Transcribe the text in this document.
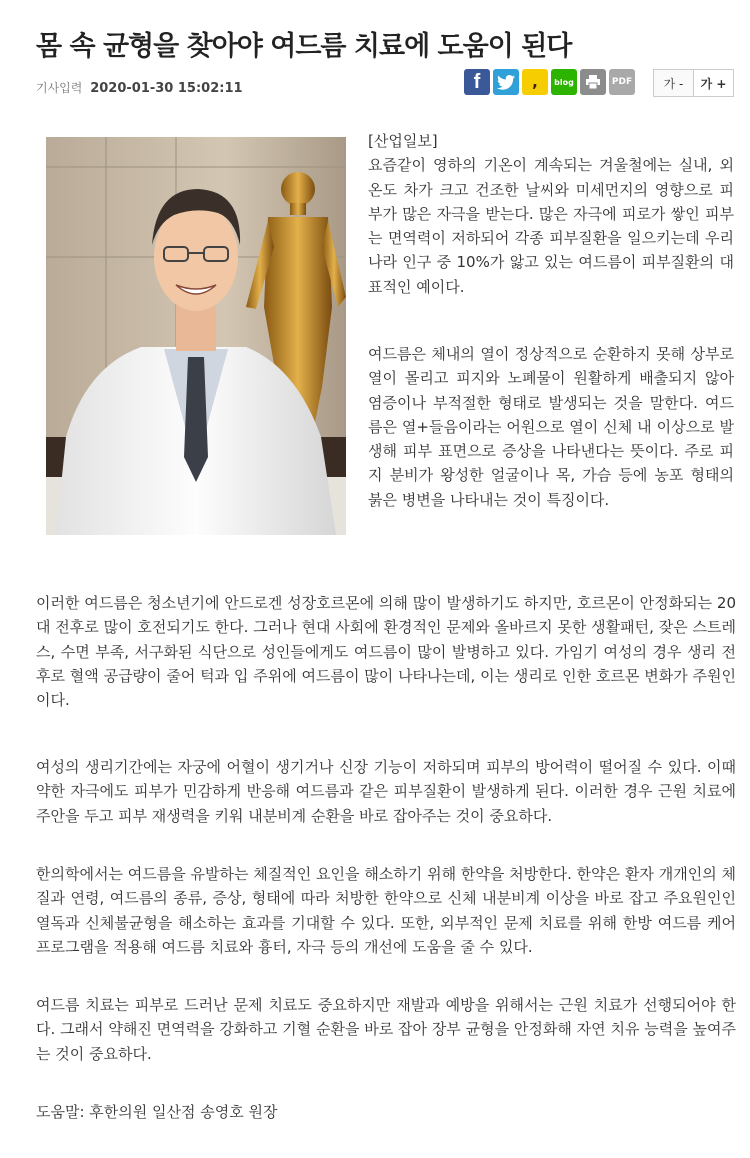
몸 속 균형을 찾아야 여드름 치료에 도움이 된다
기사입력 2020-01-30 15:02:11	f	, blog	PDF	가 -	가 +

[산업일보]
요즘같이 영하의 기온이 계속되는 겨울철에는 실내, 외 온도 차가 크고 건조한 날씨와 미세먼지의 영향으로 피부가 많은 자극을 받는다. 많은 자극에 피로가 쌓인 피부는 면역력이 저하되어 각종 피부질환을 일으키는데 우리나라 인구 중 10%가 앓고 있는 여드름이 피부질환의 대표적인 예이다.

여드름은 체내의 열이 정상적으로 순환하지 못해 상부로 열이 몰리고 피지와 노폐물이 원활하게 배출되지 않아 염증이나 부적절한 형태로 발생되는 것을 말한다. 여드름은 열+들음이라는 어원으로 열이 신체 내 이상으로 발생해 피부 표면으로 증상을 나타낸다는 뜻이다. 주로 피지 분비가 왕성한 얼굴이나 목, 가슴 등에 농포 형태의 붉은 병변을 나타내는 것이 특징이다.

이러한 여드름은 청소년기에 안드로겐 성장호르몬에 의해 많이 발생하기도 하지만, 호르몬이 안정화되는 20대 전후로 많이 호전되기도 한다. 그러나 현대 사회에 환경적인 문제와 올바르지 못한 생활패턴, 잦은 스트레스, 수면 부족, 서구화된 식단으로 성인들에게도 여드름이 많이 발병하고 있다. 가임기 여성의 경우 생리 전후로 혈액 공급량이 줄어 턱과 입 주위에 여드름이 많이 나타나는데, 이는 생리로 인한 호르몬 변화가 주원인이다.

여성의 생리기간에는 자궁에 어혈이 생기거나 신장 기능이 저하되며 피부의 방어력이 떨어질 수 있다. 이때 약한 자극에도 피부가 민감하게 반응해 여드름과 같은 피부질환이 발생하게 된다. 이러한 경우 근원 치료에 주안을 두고 피부 재생력을 키워 내분비계 순환을 바로 잡아주는 것이 중요하다.

한의학에서는 여드름을 유발하는 체질적인 요인을 해소하기 위해 한약을 처방한다. 한약은 환자 개개인의 체질과 연령, 여드름의 종류, 증상, 형태에 따라 처방한 한약으로 신체 내분비계 이상을 바로 잡고 주요원인인 열독과 신체불균형을 해소하는 효과를 기대할 수 있다. 또한, 외부적인 문제 치료를 위해 한방 여드름 케어 프로그램을 적용해 여드름 치료와 흉터, 자극 등의 개선에 도움을 줄 수 있다.

여드름 치료는 피부로 드러난 문제 치료도 중요하지만 재발과 예방을 위해서는 근원 치료가 선행되어야 한다. 그래서 약해진 면역력을 강화하고 기혈 순환을 바로 잡아 장부 균형을 안정화해 자연 치유 능력을 높여주는 것이 중요하다.

도움말: 후한의원 일산점 송영호 원장
